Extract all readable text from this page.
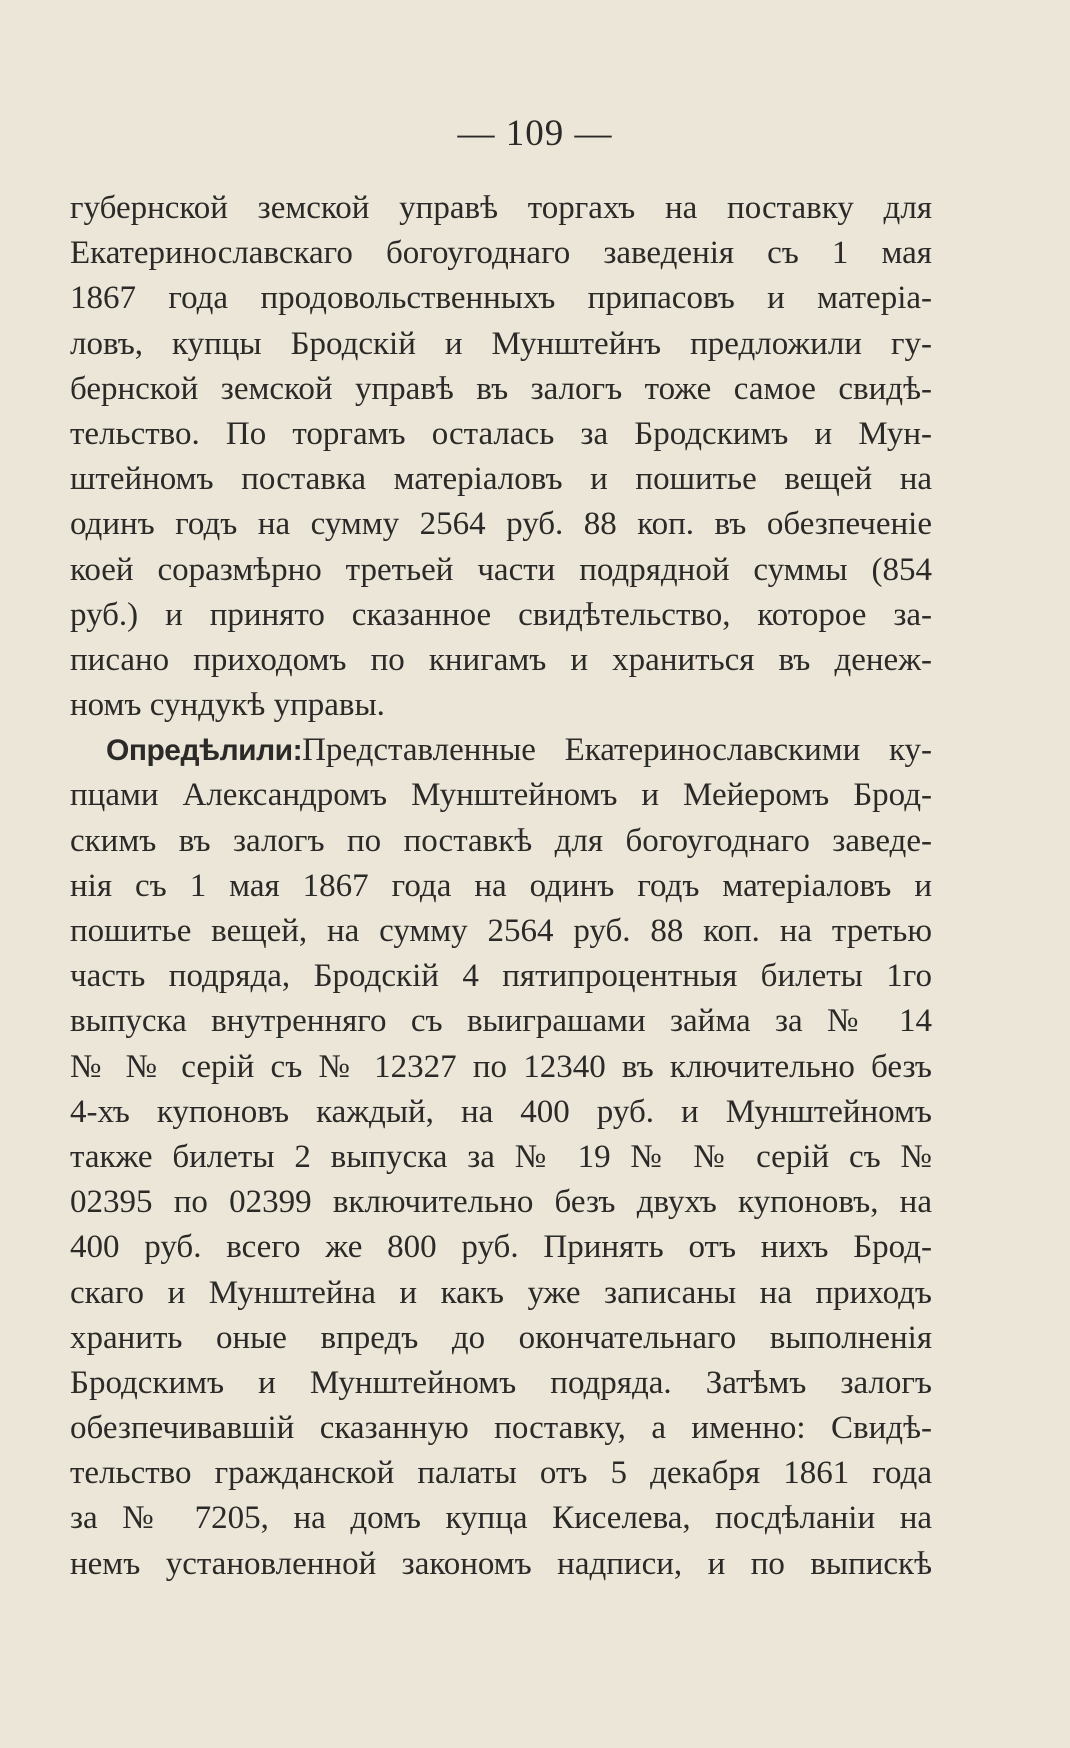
— 109 —
губернской земской управѣ торгахъ на поставку для
Екатеринославскаго богоугоднаго заведенія съ 1 мая
1867 года продовольственныхъ припасовъ и матеріа-
ловъ, купцы Бродскій и Мунштейнъ предложили гу-
бернской земской управѣ въ залогъ тоже самое свидѣ-
тельство. По торгамъ осталась за Бродскимъ и Мун-
штейномъ поставка матеріаловъ и пошитье вещей на
одинъ годъ на сумму 2564 руб. 88 коп. въ обезпеченіе
коей соразмѣрно третьей части подрядной суммы (854
руб.) и принято сказанное свидѣтельство, которое за-
писано приходомъ по книгамъ и храниться въ денеж-
номъ сундукѣ управы.
Опредѣлили:Представленные Екатеринославскими ку-
пцами Александромъ Мунштейномъ и Мейеромъ Брод-
скимъ въ залогъ по поставкѣ для богоугоднаго заведе-
нія съ 1 мая 1867 года на одинъ годъ матеріаловъ и
пошитье вещей, на сумму 2564 руб. 88 коп. на третью
часть подряда, Бродскій 4 пятипроцентныя билеты 1го
выпуска внутренняго съ выиграшами займа за № 14
№ № серій съ № 12327 по 12340 въ ключительно безъ
4-хъ купоновъ каждый, на 400 руб. и Мунштейномъ
также билеты 2 выпуска за № 19 № № серій съ №
02395 по 02399 включительно безъ двухъ купоновъ, на
400 руб. всего же 800 руб. Принять отъ нихъ Брод-
скаго и Мунштейна и какъ уже записаны на приходъ
хранить оные впредъ до окончательнаго выполненія
Бродскимъ и Мунштейномъ подряда. Затѣмъ залогъ
обезпечивавшій сказанную поставку, а именно: Свидѣ-
тельство гражданской палаты отъ 5 декабря 1861 года
за № 7205, на домъ купца Киселева, посдѣланіи на
немъ установленной закономъ надписи, и по выпискѣ
